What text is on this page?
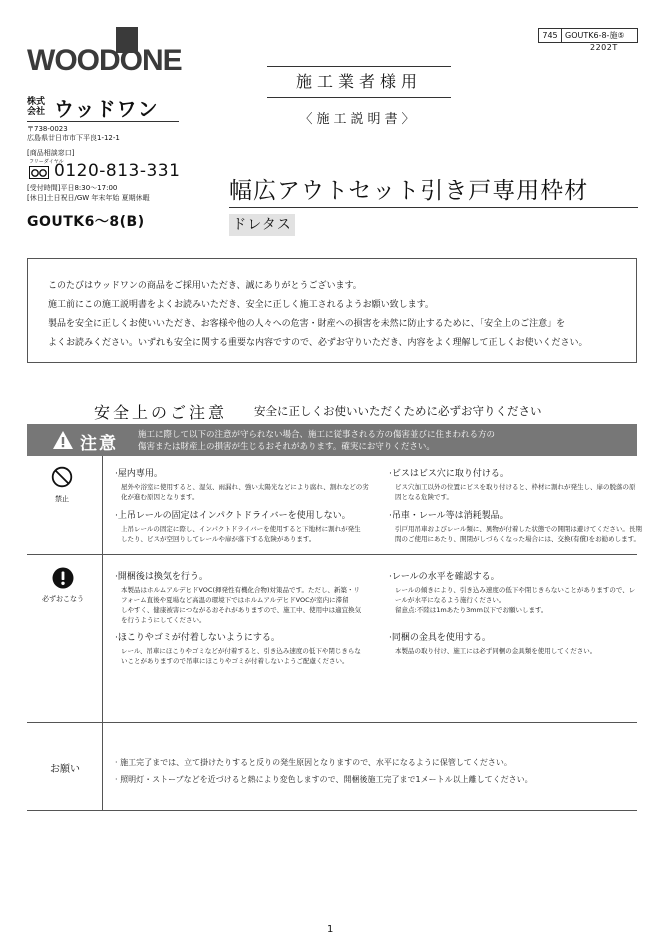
745 GOUTK6-8-施⑤
2202T
WOODONE
株式会社 ウッドワン
〒738-0023
広島県廿日市市下平良1-12-1
[商品相談窓口]
フリーダイヤル
0120-813-331
[受付時間]平日8:30〜17:00
[休日]土日祝日/GW 年末年始 夏期休暇
GOUTK6〜8(B)
施工業者様用
〈施工説明書〉
幅広アウトセット引き戸専用枠材
ドレタス

このたびはウッドワンの商品をご採用いただき、誠にありがとうございます。

施工前にこの施工説明書をよくお読みいただき、安全に正しく施工されるようお願い致します。

製品を安全に正しくお使いいただき、お客様や他の人々への危害・財産への損害を未然に防止するために、「安全上のご注意」を

よくお読みください。いずれも安全に関する重要な内容ですので、必ずお守りいただき、内容をよく理解して正しくお使いください。

安全上のご注意 安全に正しくお使いいただくために必ずお守りください
注意 施工に際して以下の注意が守られない場合、施工に従事される方の傷害並びに住まわれる方の
傷害または財産上の損害が生じるおそれがあります。確実にお守りください。
禁止
·屋内専用。
屋外や浴室に使用すると、湿気、雨漏れ、強い太陽光などにより腐れ、割れなどの劣
化が進む原因となります。
·ビスはビス穴に取り付ける。
ビス穴加工以外の位置にビスを取り付けると、枠材に割れが発生し、扉の脱落の原
因となる危険です。
·上吊レールの固定はインパクトドライバーを使用しない。
上吊レールの固定に際し、インパクトドライバーを使用すると下地材に割れが発生
したり、ビスが空回りしてレールや扉が落下する危険があります。
·吊車・レール等は消耗製品。
引戸用吊車およびレール類に、異物が付着した状態での開閉は避けてください。長期
間のご使用にあたり、開閉がしづらくなった場合には、交換(有償)をお勧めします。
必ずおこなう
·開梱後は換気を行う。
本製品はホルムアルデヒドVOC(揮発性有機化合物)対策品です。ただし、新築・リ
フォーム直後や夏場など高温の環境下ではホルムアルデヒドVOCが室内に滞留
しやすく、健康被害につながるおそれがありますので、施工中、使用中は適宜換気
を行うようにしてください。
·レールの水平を確認する。
レールの傾きにより、引き込み速度の低下や閉じきらないことがありますので、レ
ールが水平になるよう施行ください。
留意点:不陸は1mあたり3mm以下でお願いします。
·ほこりやゴミが付着しないようにする。
レール、吊車にほこりやゴミなどが付着すると、引き込み速度の低下や閉じきらな
いことがありますので吊車にほこりやゴミが付着しないようご配慮ください。
·同梱の金具を使用する。
本製品の取り付け、施工には必ず同梱の金具類を使用してください。
お願い
· 施工完了までは、立て掛けたりすると反りの発生原因となりますので、水平になるように保管してください。
· 照明灯・ストーブなどを近づけると熱により変色しますので、開梱後施工完了まで1メートル以上離してください。
1
